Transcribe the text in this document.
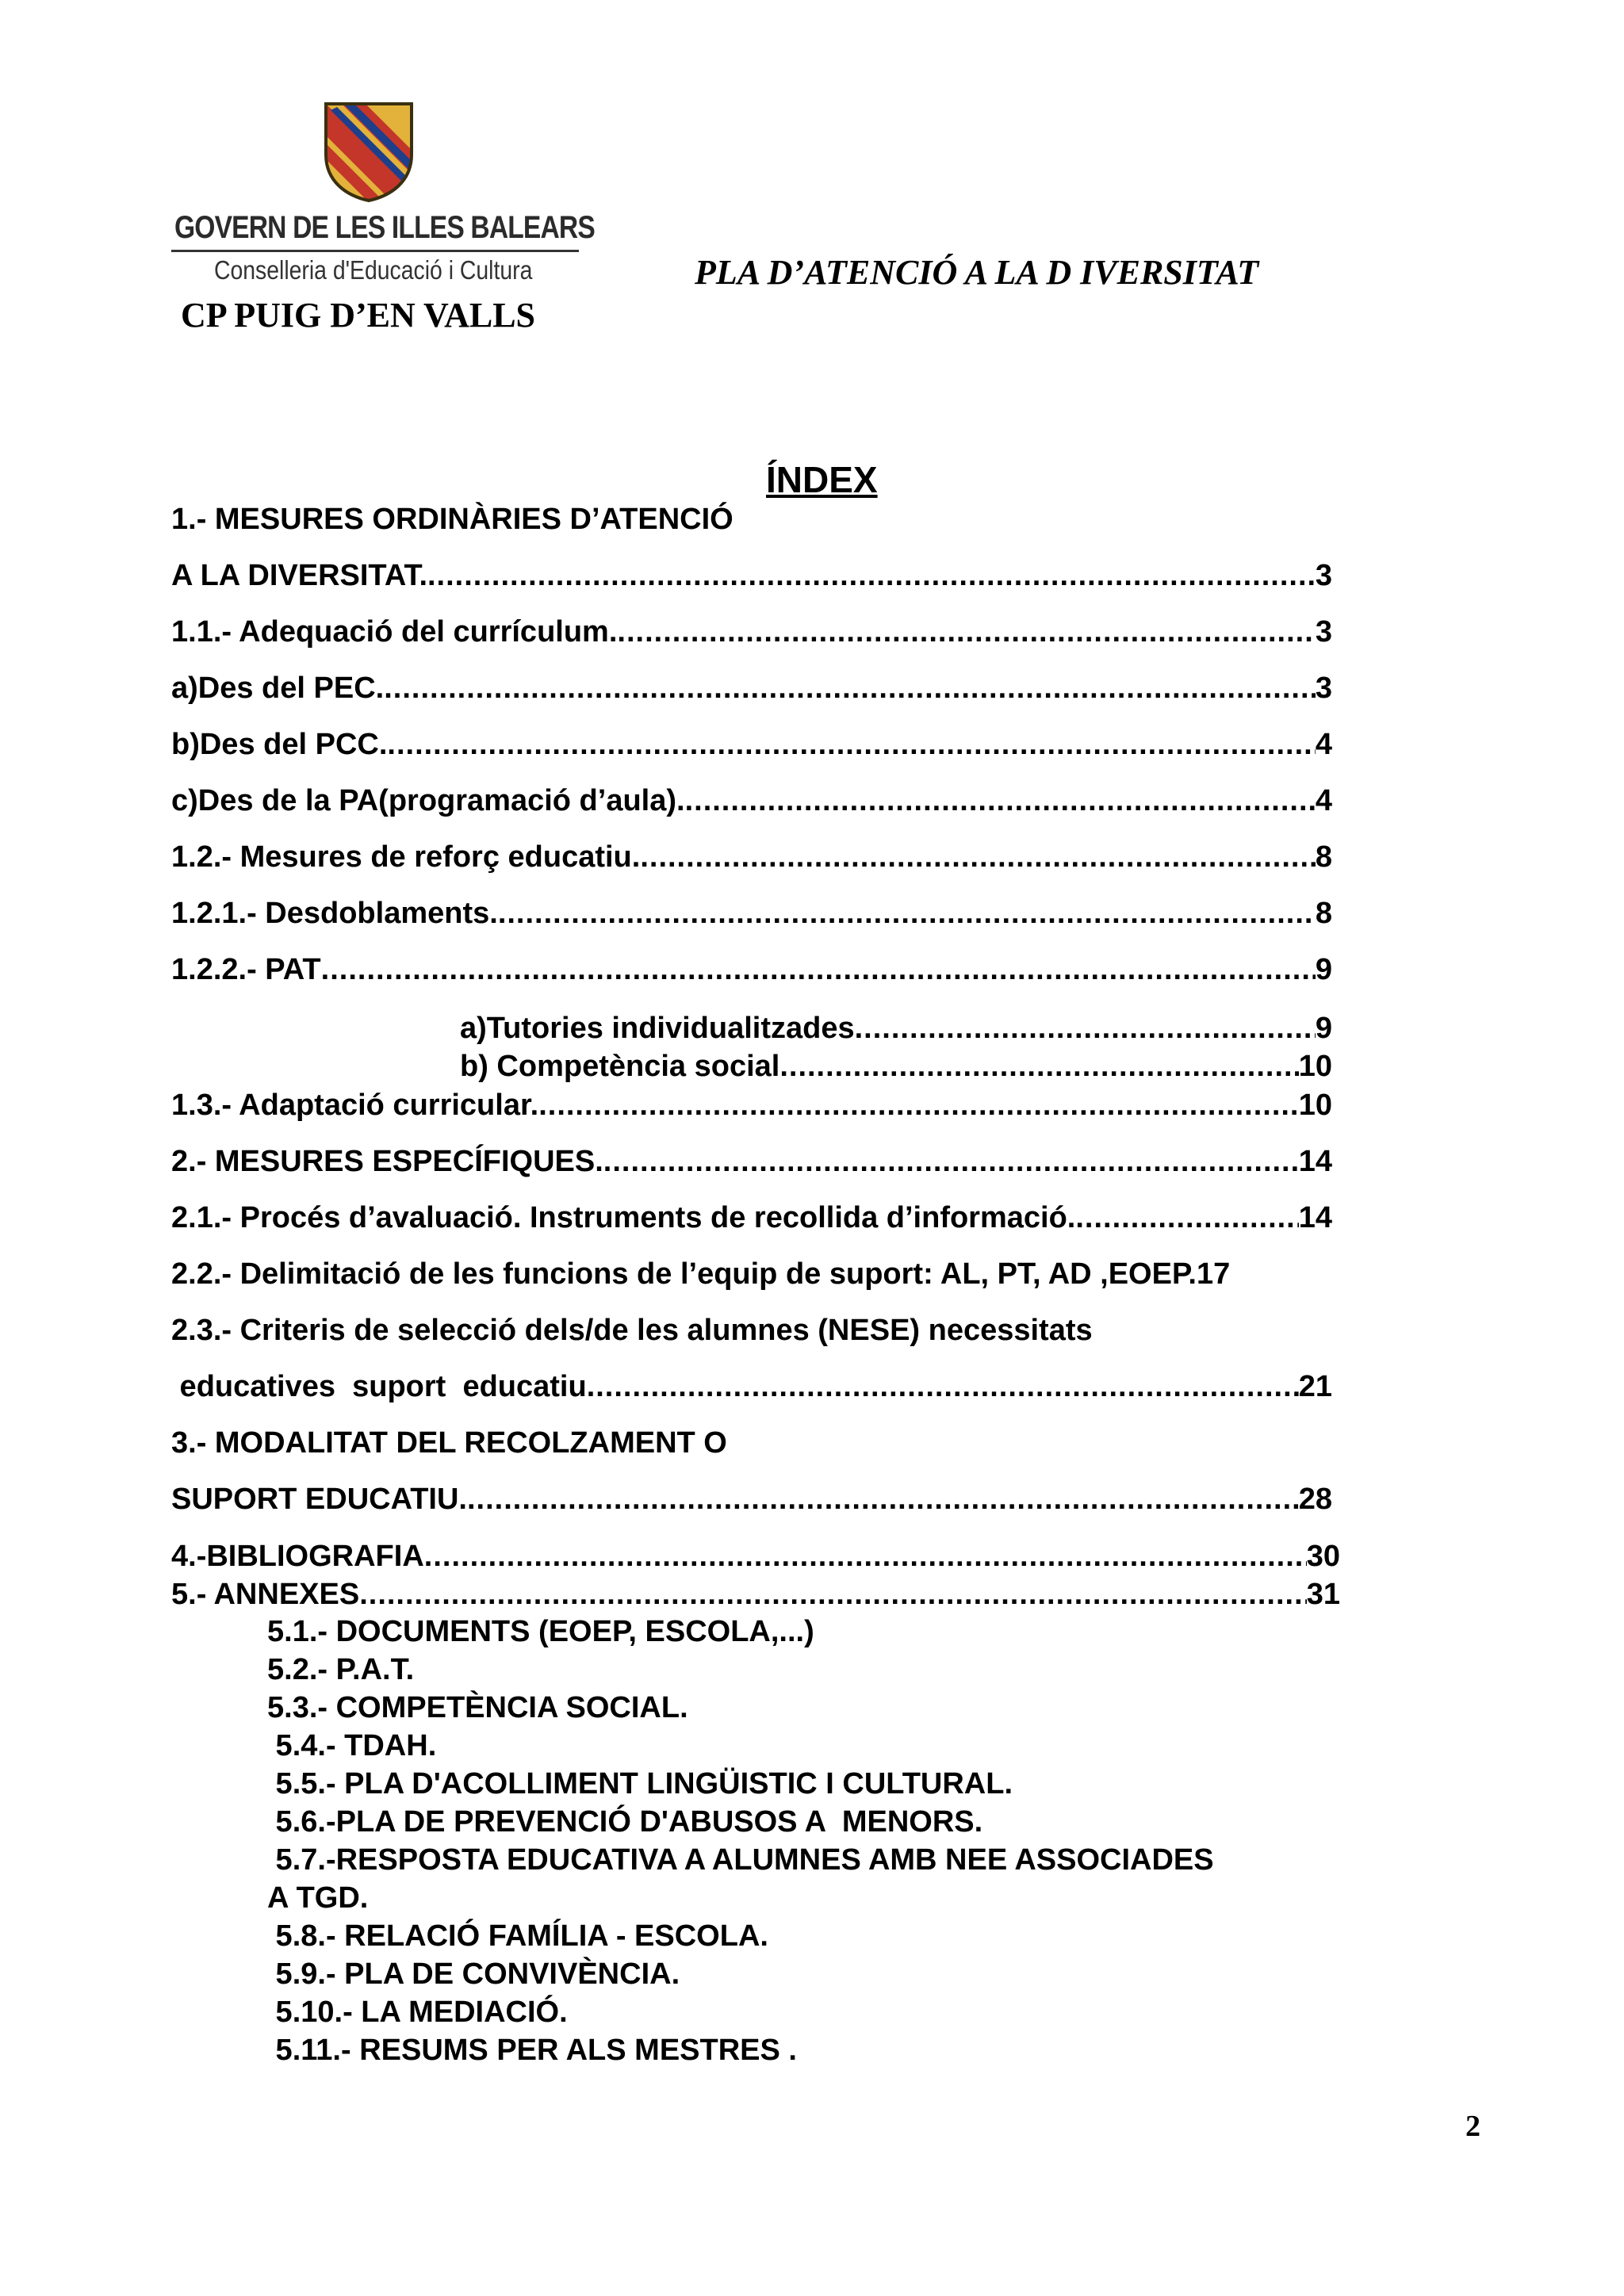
GOVERN DE LES ILLES BALEARS
Conselleria d'Educació i Cultura
CP PUIG D’EN VALLS
PLA D’ATENCIÓ A LA D IVERSITAT
ÍNDEX
1.- MESURES ORDINÀRIES D’ATENCIÓ
A LA DIVERSITAT. .....	3
1.1.- Adequació del currículum. .....	3
a)Des del PEC. .....	3
b)Des del PCC. .....	4
c)Des de la PA(programació d’aula). .....	4
1.2.- Mesures de reforç educatiu. .....	8
1.2.1.- Desdoblaments. .....	8
1.2.2.- PAT .....	9
a)Tutories individualitzades .....	9
b) Competència social .....	10
1.3.- Adaptació curricular. .....	10
2.- MESURES ESPECÍFIQUES. .....	14
2.1.- Procés d’avaluació. Instruments de recollida d’informació. .....	14
2.2.- Delimitació de les funcions de l’equip de suport: AL, PT, AD ,EOEP.17
2.3.- Criteris de selecció dels/de les alumnes (NESE) necessitats
educatives  suport  educatiu .....	21
3.- MODALITAT DEL RECOLZAMENT O
SUPORT EDUCATIU. .....	28
4.-BIBLIOGRAFIA .....	30
5.- ANNEXES .....	31
5.1.- DOCUMENTS (EOEP, ESCOLA,...)
5.2.- P.A.T.
5.3.- COMPETÈNCIA SOCIAL.
5.4.- TDAH.
5.5.- PLA D'ACOLLIMENT LINGÜISTIC I CULTURAL.
5.6.-PLA DE PREVENCIÓ D'ABUSOS A  MENORS.
5.7.-RESPOSTA EDUCATIVA A ALUMNES AMB NEE ASSOCIADES
A TGD.
5.8.- RELACIÓ FAMÍLIA - ESCOLA.
5.9.- PLA DE CONVIVÈNCIA.
5.10.- LA MEDIACIÓ.
5.11.- RESUMS PER ALS MESTRES .
2
